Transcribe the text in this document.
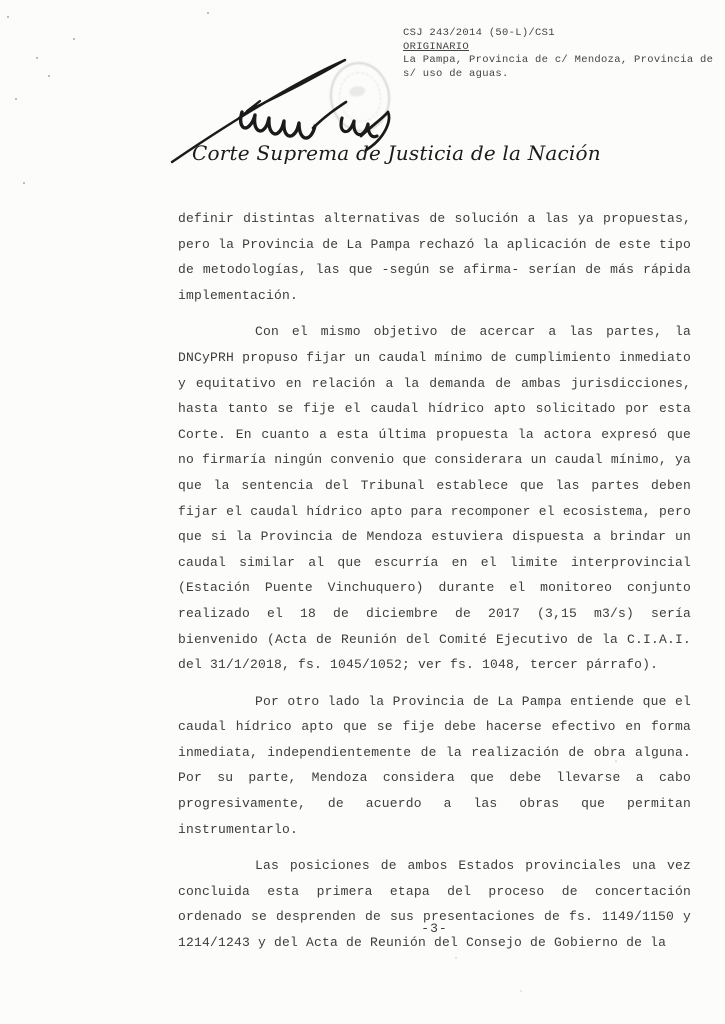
CSJ 243/2014 (50-L)/CS1
ORIGINARIO
La Pampa, Provincia de c/ Mendoza, Provincia de
s/ uso de aguas.
Corte Suprema de Justicia de la Nación

definir distintas alternativas de solución a las ya propuestas, pero la Provincia de La Pampa rechazó la aplicación de este tipo de metodologías, las que -según se afirma- serían de más rápida implementación.

Con el mismo objetivo de acercar a las partes, la DNCyPRH propuso fijar un caudal mínimo de cumplimiento inmediato y equitativo en relación a la demanda de ambas jurisdicciones, hasta tanto se fije el caudal hídrico apto solicitado por esta Corte. En cuanto a esta última propuesta la actora expresó que no firmaría ningún convenio que considerara un caudal mínimo, ya que la sentencia del Tribunal establece que las partes deben fijar el caudal hídrico apto para recomponer el ecosistema, pero que si la Provincia de Mendoza estuviera dispuesta a brindar un caudal similar al que escurría en el limite interprovincial (Estación Puente Vinchuquero) durante el monitoreo conjunto realizado el 18 de diciembre de 2017 (3,15 m3/s) sería bienvenido (Acta de Reunión del Comité Ejecutivo de la C.I.A.I. del 31/1/2018, fs. 1045/1052; ver fs. 1048, tercer párrafo).

Por otro lado la Provincia de La Pampa entiende que el caudal hídrico apto que se fije debe hacerse efectivo en forma inmediata, independientemente de la realización de obra alguna. Por su parte, Mendoza considera que debe llevarse a cabo progresivamente, de acuerdo a las obras que permitan instrumentarlo.

Las posiciones de ambos Estados provinciales una vez concluida esta primera etapa del proceso de concertación ordenado se desprenden de sus presentaciones de fs. 1149/1150 y 1214/1243 y del Acta de Reunión del Consejo de Gobierno de la

-3-
